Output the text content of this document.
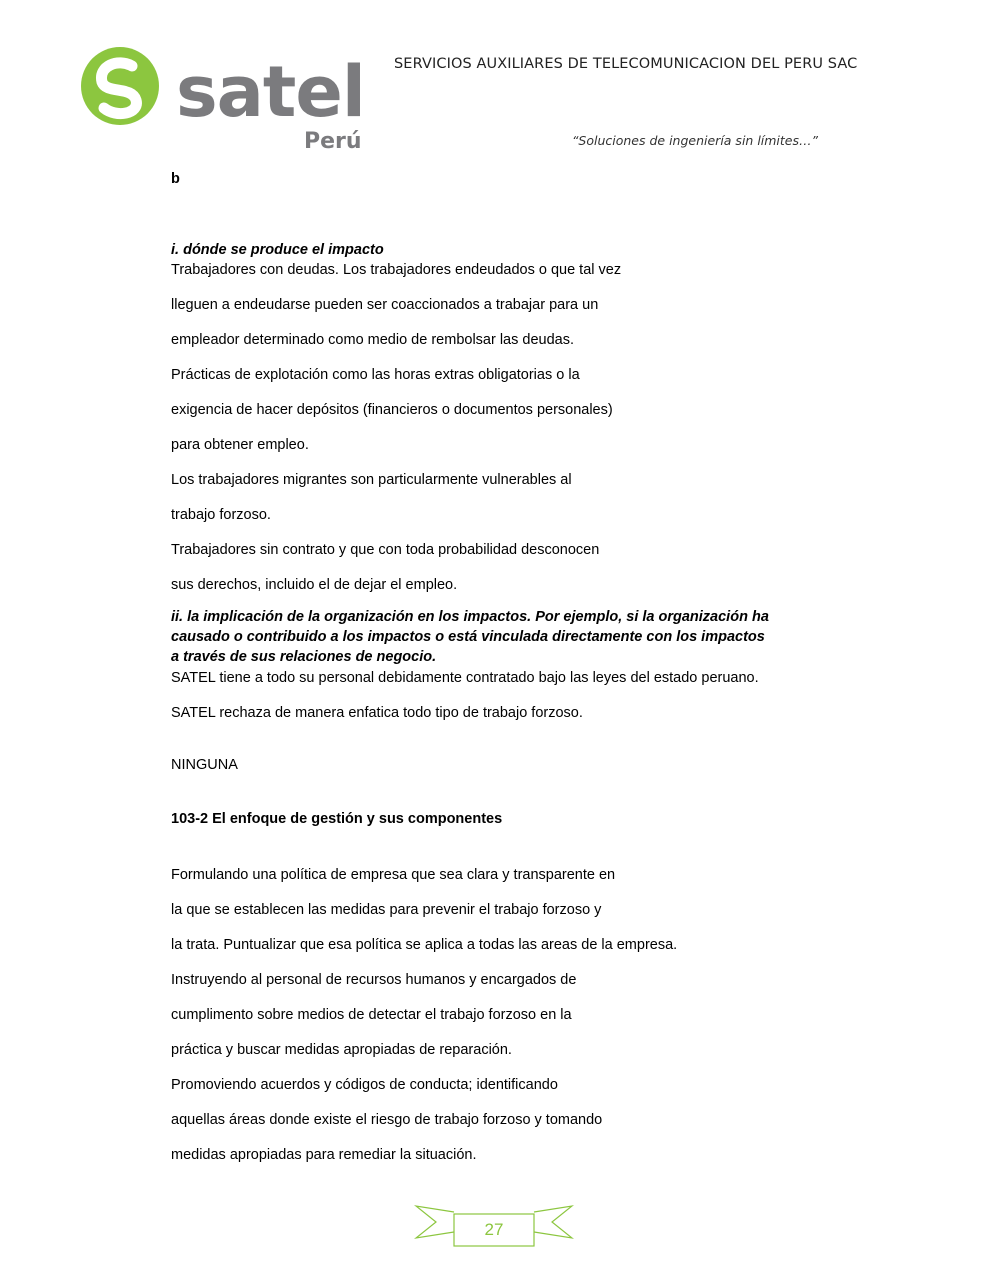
satel
Perú
SERVICIOS AUXILIARES DE TELECOMUNICACION DEL PERU SAC
“Soluciones de ingeniería sin límites…”
b
i. dónde se produce el impacto
Trabajadores con deudas. Los trabajadores endeudados o que tal vez
lleguen a endeudarse pueden ser coaccionados a trabajar para un
empleador determinado como medio de rembolsar las deudas.
Prácticas de explotación como las horas extras obligatorias o la
exigencia de hacer depósitos (financieros o documentos personales)
para obtener empleo.
Los trabajadores migrantes son particularmente vulnerables al
trabajo forzoso.
Trabajadores sin contrato y que con toda probabilidad desconocen
sus derechos, incluido el de dejar el empleo.
ii. la implicación de la organización en los impactos. Por ejemplo, si la organización ha
causado o contribuido a los impactos o está vinculada directamente con los impactos
a través de sus relaciones de negocio.
SATEL tiene a todo su personal debidamente contratado bajo las leyes del estado peruano.
SATEL rechaza de manera enfatica todo tipo de trabajo forzoso.
NINGUNA
103-2 El enfoque de gestión y sus componentes
Formulando una política de empresa que sea clara y transparente en
la que se establecen las medidas para prevenir el trabajo forzoso y
la trata. Puntualizar que esa política se aplica a todas las areas de la empresa.
Instruyendo al personal de recursos humanos y encargados de
cumplimento sobre medios de detectar el trabajo forzoso en la
práctica y buscar medidas apropiadas de reparación.
Promoviendo acuerdos y códigos de conducta; identificando
aquellas áreas donde existe el riesgo de trabajo forzoso y tomando
medidas apropiadas para remediar la situación.
27
